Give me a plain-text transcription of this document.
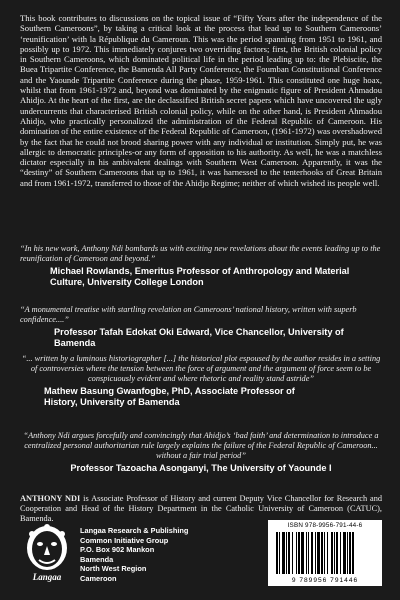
This book contributes to discussions on the topical issue of “Fifty Years after the independence of the Southern Cameroons”, by taking a critical look at the process that lead up to Southern Cameroons’ ‘reunification’ with la République du Cameroun. This was the period spanning from 1951 to 1961, and possibly up to 1972. This immediately conjures two overriding factors; first, the British colonial policy in Southern Cameroons, which dominated political life in the period leading up to: the Plebiscite, the Buea Tripartite Conference, the Bamenda All Party Conference, the Foumban Constitutional Conference and the Yaounde Tripartite Conference during the phase, 1959-1961. This constituted one huge hoax, whilst that from 1961-1972 and, beyond was dominated by the enigmatic figure of President Ahmadou Ahidjo. At the heart of the first, are the declassified British secret papers which have uncovered the ugly undercurrents that characterised British colonial policy, while on the other hand, is President Ahmadou Ahidjo, who practically personalized the administration of the Federal Republic of Cameroon. His domination of the entire existence of the Federal Republic of Cameroon, (1961-1972) was overshadowed by the fact that he could not brood sharing power with any individual or institution. Simply put, he was allergic to democratic principles-or any form of opposition to his authority. As well, he was a matchless dictator especially in his ambivalent dealings with Southern West Cameroon. Apparently, it was the “destiny” of Southern Cameroons that up to 1961, it was harnessed to the tenterhooks of Great Britain and from 1961-1972, transferred to those of the Ahidjo Regime; neither of which wished its people well.

“In his new work, Anthony Ndi bombards us with exciting new revelations about the events leading up to the reunification of Cameroon and beyond.”

Michael Rowlands, Emeritus Professor of Anthropology and Material Culture, University College London

“A monumental treatise with startling revelation on Cameroons’ national history, written with superb confidence....”

Professor Tafah Edokat Oki Edward, Vice Chancellor, University of Bamenda

“... written by a luminous historiographer [...] the historical plot espoused by the author resides in a setting of controversies where the tension between the force of argument and the argument of force seem to be conspicuously evident and where rhetoric and reality stand astride”

Mathew Basung Gwanfogbe, PhD, Associate Professor of History, University of Bamenda

“Anthony Ndi argues forcefully and convincingly that Ahidjo’s ‘bad faith’ and determination to introduce a centralized personal authoritarian rule largely explains the failure of the Federal Republic of Cameroon... without a fair trial period”

Professor Tazoacha Asonganyi, The University of Yaounde I

ANTHONY NDI is Associate Professor of History and current Deputy Vice Chancellor for Research and Cooperation and Head of the History Department in the Catholic University of Cameroon (CATUC), Bamenda.

Langaa
Langaa Research & Publishing
Common Initiative Group
P.O. Box 902 Mankon
Bamenda
North West Region
Cameroon
ISBN 978-9956-791-44-6
9 789956 791446
